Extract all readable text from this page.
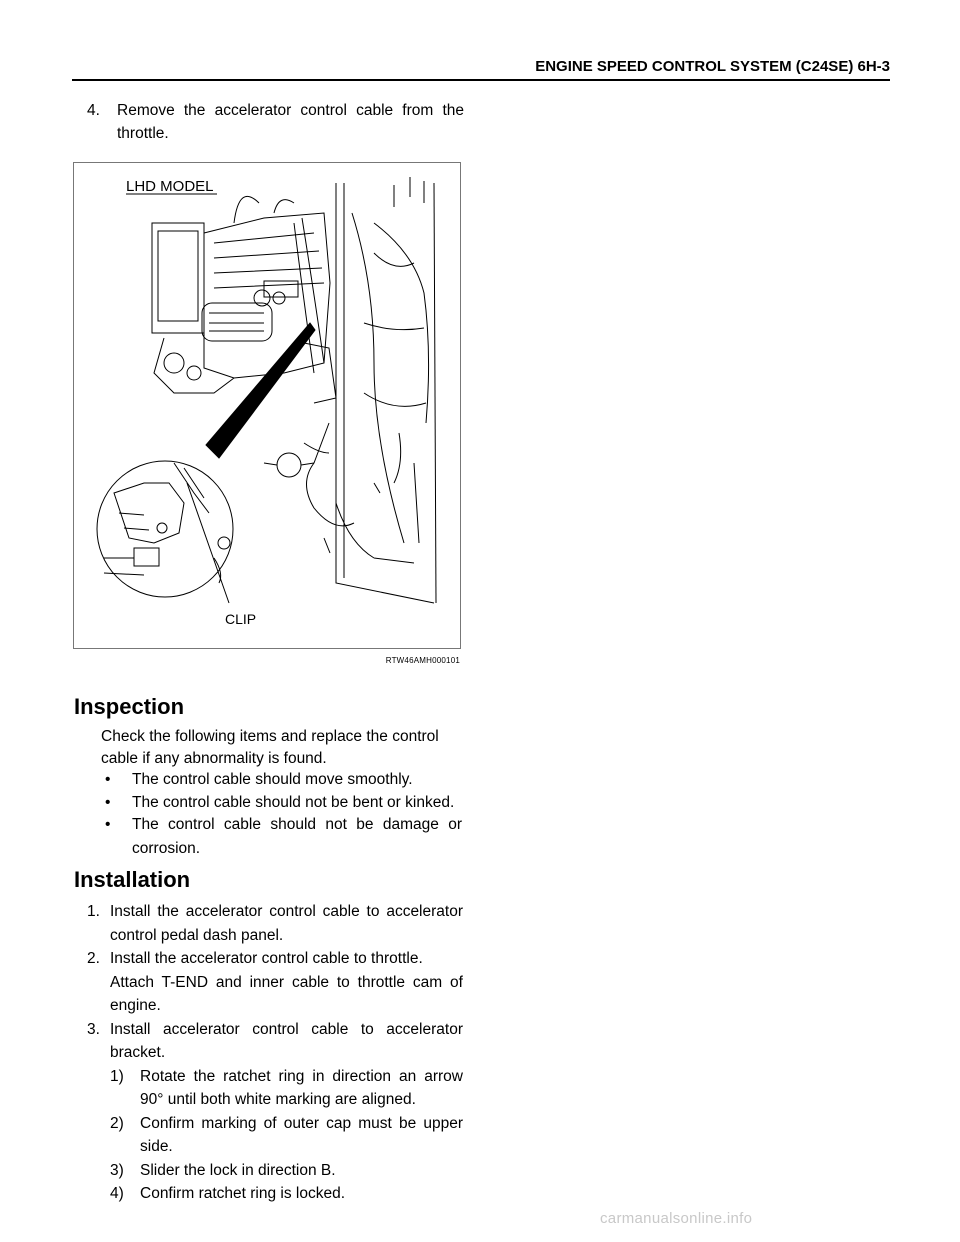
ENGINE SPEED CONTROL SYSTEM (C24SE) 6H-3
4.	Remove the accelerator control cable from the throttle.
LHD MODEL
CLIP
RTW46AMH000101
Inspection
Check the following items and replace the control cable if any abnormality is found.
•	The control cable should move smoothly.
•	The control cable should not be bent or kinked.
•	The control cable should not be damage or corrosion.
Installation
1. Install the accelerator control cable to accelerator control pedal dash panel.
2. Install the accelerator control cable to throttle.
Attach T-END and inner cable to throttle cam of engine.
3. Install accelerator control cable to accelerator bracket.
1)	Rotate the ratchet ring in direction an arrow 90° until both white marking are aligned.
2)	Confirm marking of outer cap must be upper side.
3)	Slider the lock in direction B.
4)	Confirm ratchet ring is locked.
carmanualsonline.info
